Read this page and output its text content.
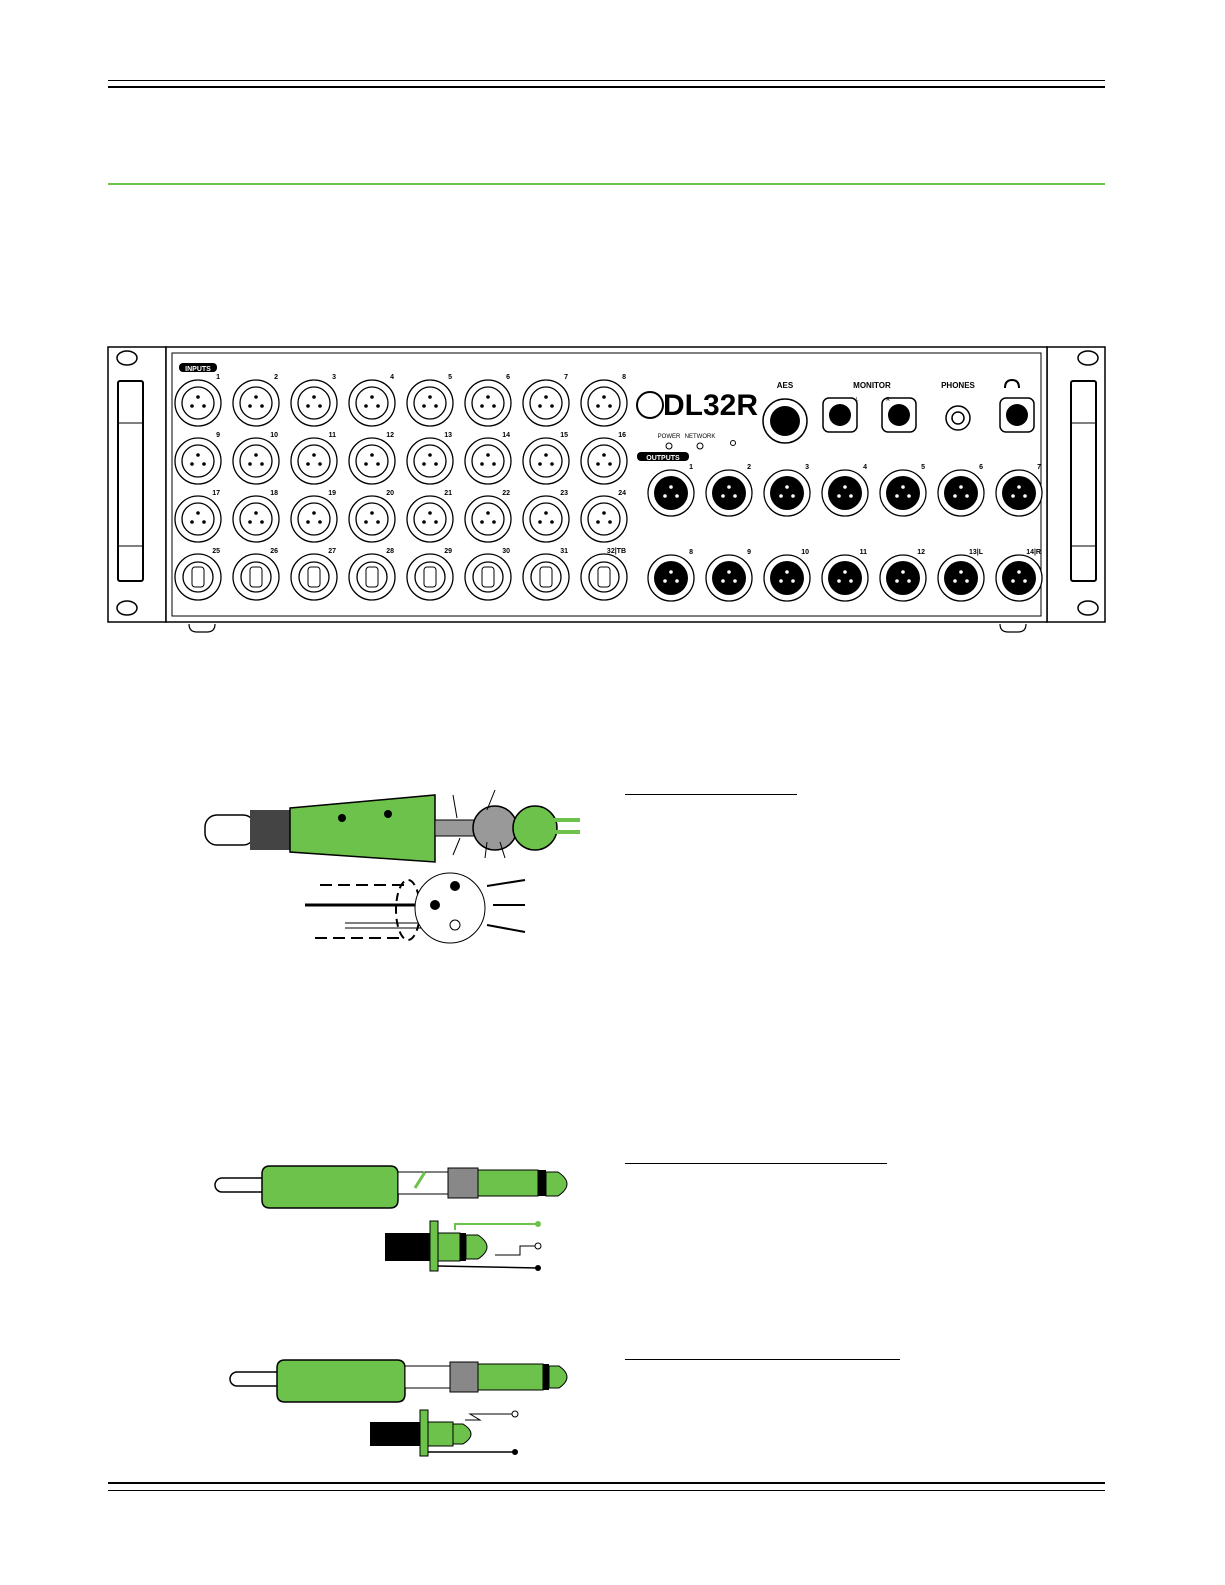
INPUTS
DL32R
POWER NETWORK
OUTPUTS
AES	MONITOR
L	R
PHONES
1	2	3	4	5	6	7	8
9	10	11	12	13	14	15	16
17	18	19	20	21	22	23	24
25	26	27	28	29	30	31	32|TB
1	2	3	4	5	6	7
8	9	10	11	12	13|L	14|R
